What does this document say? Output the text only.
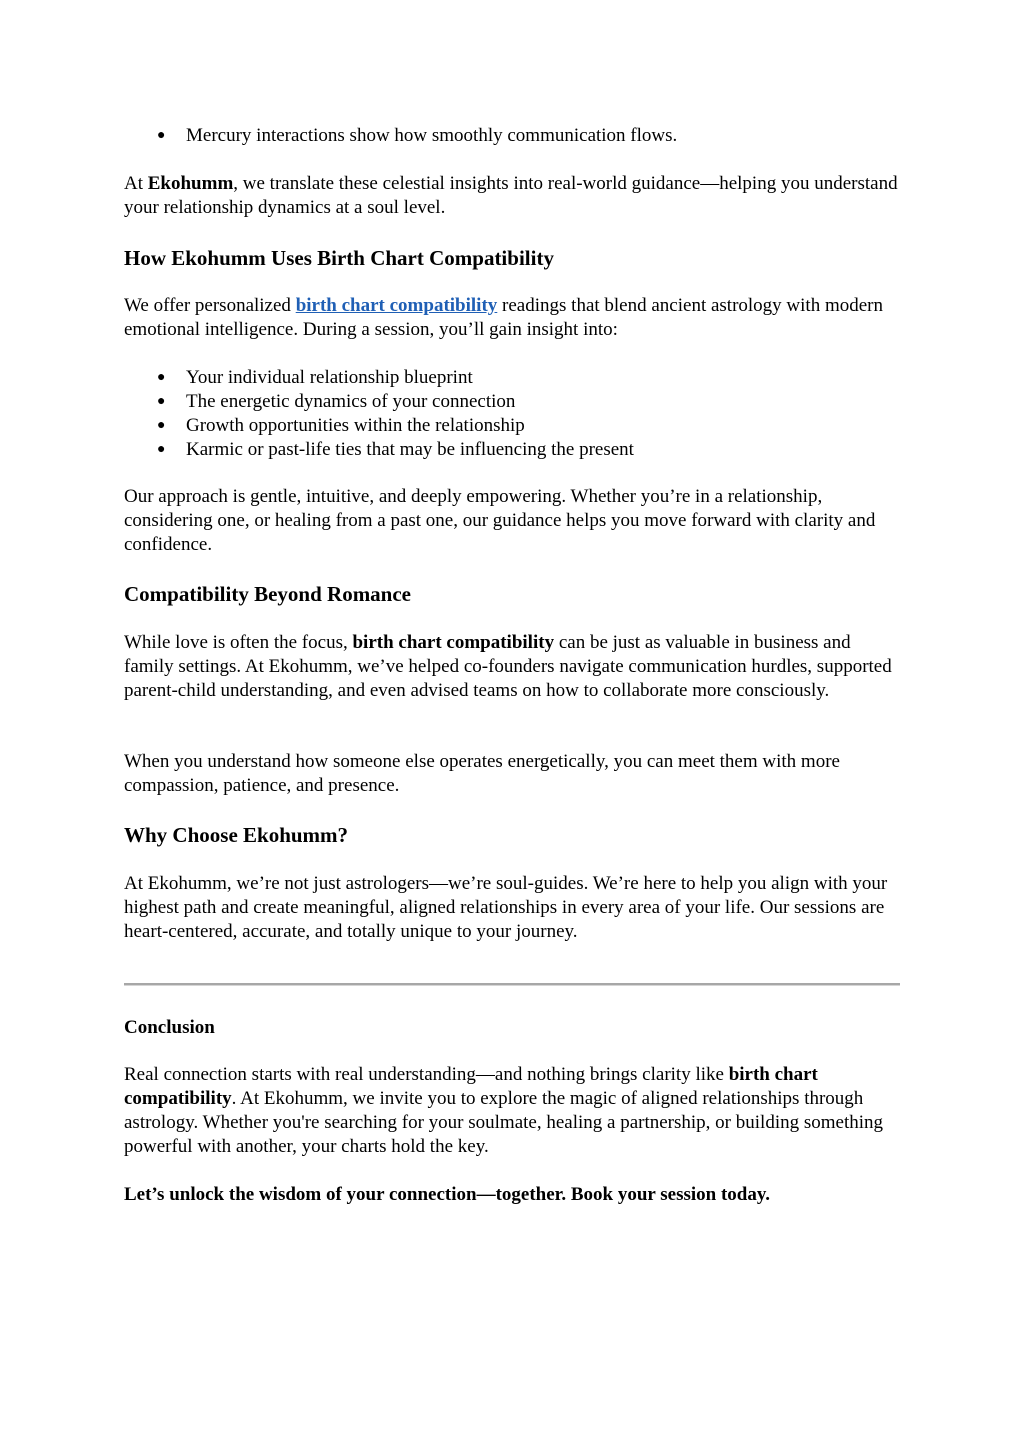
● Mercury interactions show how smoothly communication flows.

At Ekohumm, we translate these celestial insights into real-world guidance—helping you understand your relationship dynamics at a soul level.

How Ekohumm Uses Birth Chart Compatibility

We offer personalized birth chart compatibility readings that blend ancient astrology with modern emotional intelligence. During a session, you’ll gain insight into:

● Your individual relationship blueprint
● The energetic dynamics of your connection
● Growth opportunities within the relationship
● Karmic or past-life ties that may be influencing the present

Our approach is gentle, intuitive, and deeply empowering. Whether you’re in a relationship, considering one, or healing from a past one, our guidance helps you move forward with clarity and confidence.

Compatibility Beyond Romance

While love is often the focus, birth chart compatibility can be just as valuable in business and family settings. At Ekohumm, we’ve helped co-founders navigate communication hurdles, supported parent-child understanding, and even advised teams on how to collaborate more consciously.

When you understand how someone else operates energetically, you can meet them with more compassion, patience, and presence.

Why Choose Ekohumm?

At Ekohumm, we’re not just astrologers—we’re soul-guides. We’re here to help you align with your highest path and create meaningful, aligned relationships in every area of your life. Our sessions are heart-centered, accurate, and totally unique to your journey.

Conclusion

Real connection starts with real understanding—and nothing brings clarity like birth chart compatibility. At Ekohumm, we invite you to explore the magic of aligned relationships through astrology. Whether you're searching for your soulmate, healing a partnership, or building something powerful with another, your charts hold the key.

Let’s unlock the wisdom of your connection—together. Book your session today.
